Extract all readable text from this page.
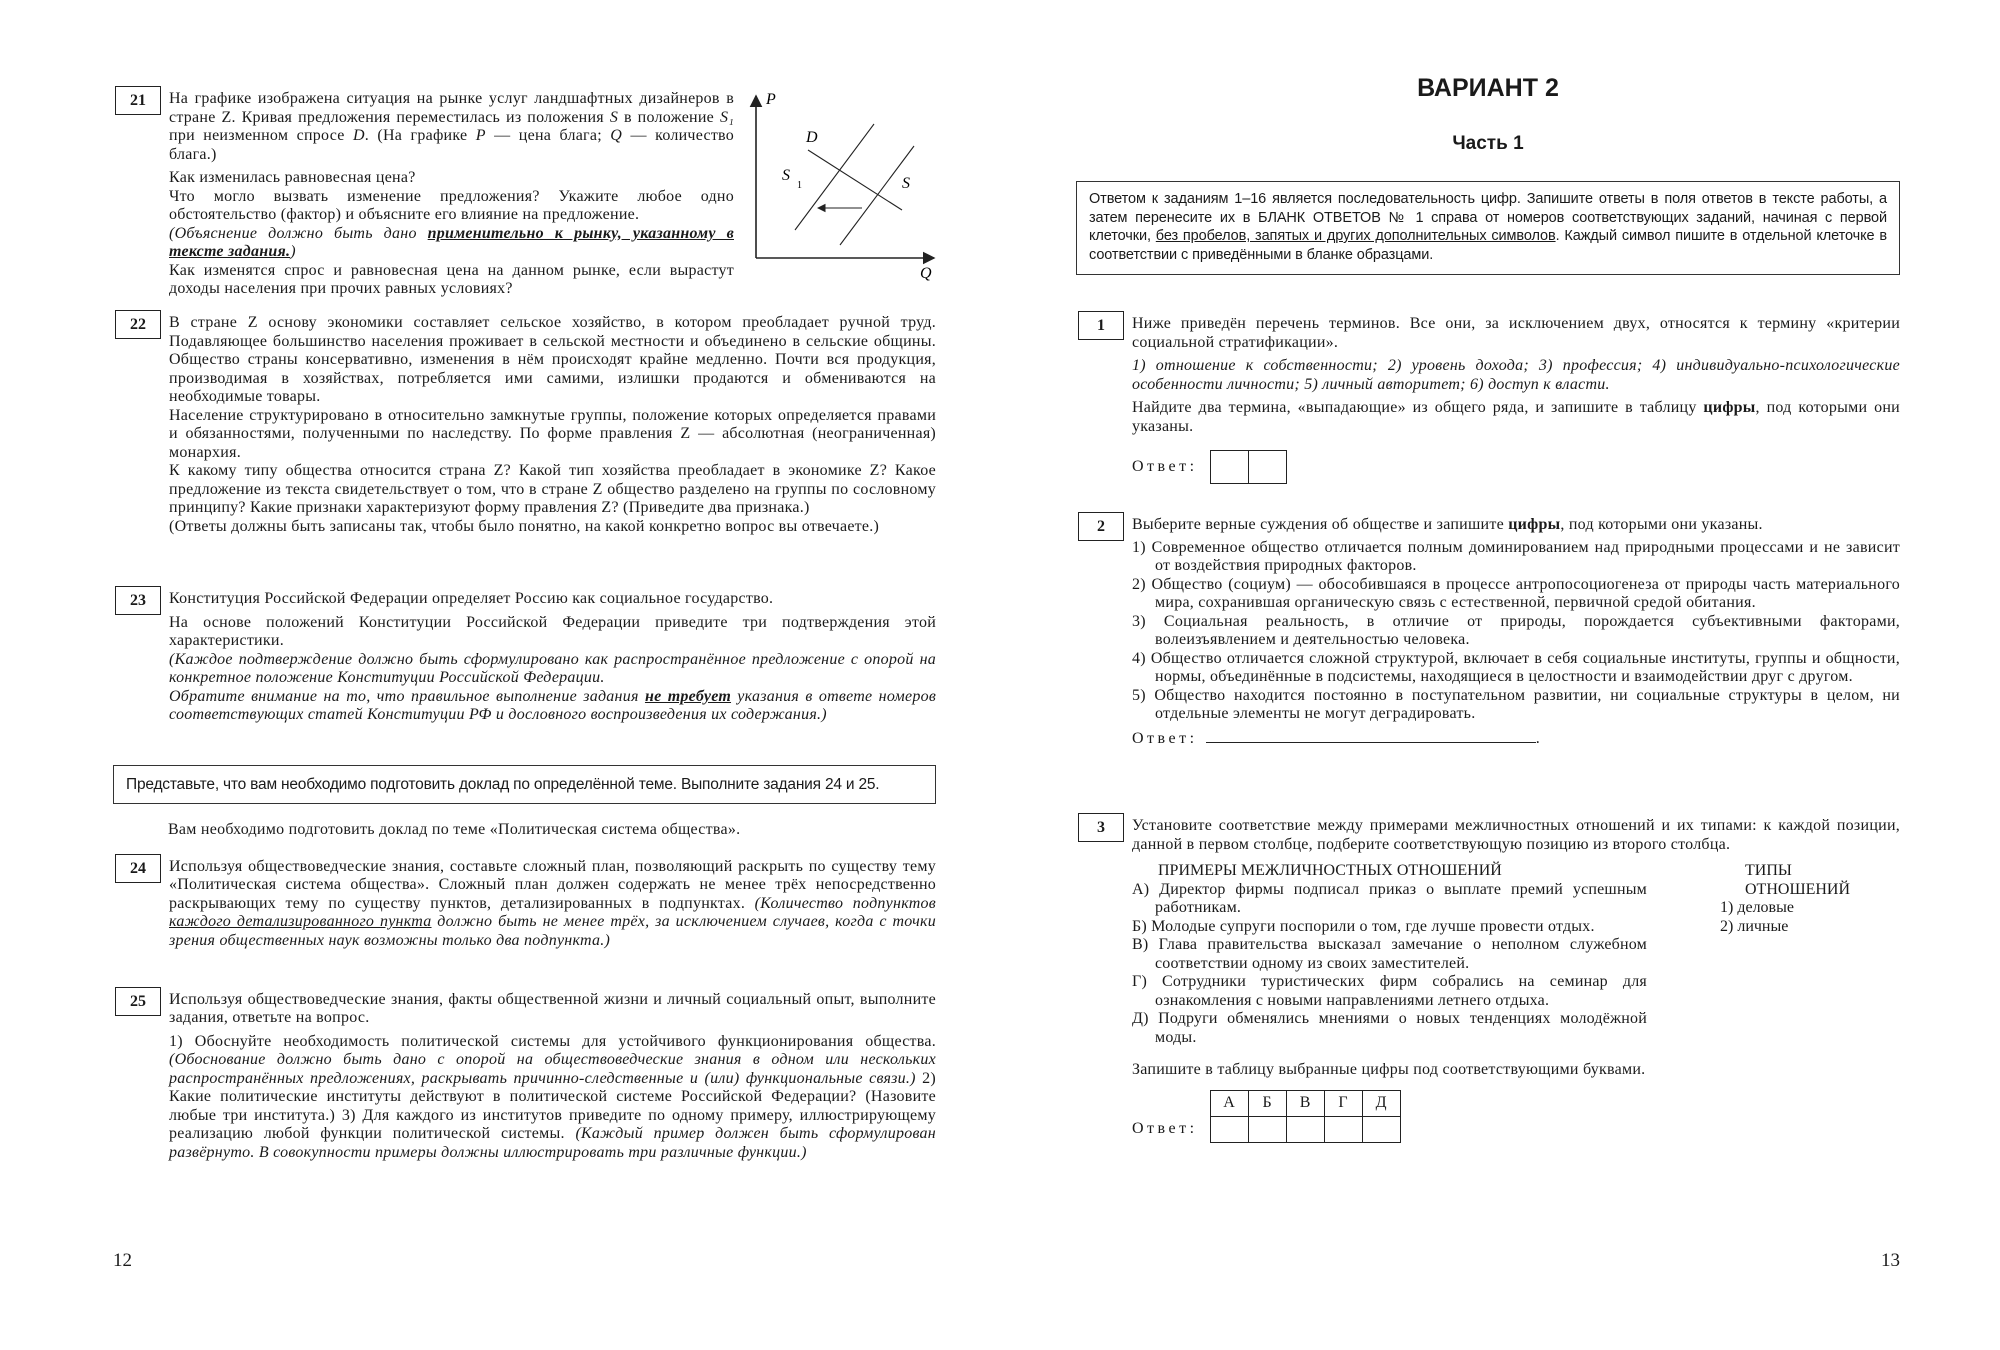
21	На графике изображена ситуация на рынке услуг ландшафтных дизайнеров в стране Z. Кривая предложения переместилась из положения S в положение S₁ при неизменном спросе D. (На графике P — цена блага; Q — количество блага.)

Как изменилась равновесная цена?

Что могло вызвать изменение предложения? Укажите любое одно обстоятельство (фактор) и объясните его влияние на предложение.

(Объяснение должно быть дано применительно к рынку, указанному в тексте задания.)

Как изменятся спрос и равновесная цена на данном рынке, если вырастут доходы населения при прочих равных условиях?

P
Q
D
S
S
1
22	В стране Z основу экономики составляет сельское хозяйство, в котором преобладает ручной труд. Подавляющее большинство населения проживает в сельской местности и объединено в сельские общины. Общество страны консервативно, изменения в нём происходят крайне медленно. Почти вся продукция, производимая в хозяйствах, потребляется ими самими, излишки продаются и обмениваются на необходимые товары.

Население структурировано в относительно замкнутые группы, положение которых определяется правами и обязанностями, полученными по наследству. По форме правления Z — абсолютная (неограниченная) монархия.

К какому типу общества относится страна Z? Какой тип хозяйства преобладает в экономике Z? Какое предложение из текста свидетельствует о том, что в стране Z общество разделено на группы по сословному принципу? Какие признаки характеризуют форму правления Z? (Приведите два признака.)

(Ответы должны быть записаны так, чтобы было понятно, на какой конкретно вопрос вы отвечаете.)

23	Конституция Российской Федерации определяет Россию как социальное государство.

На основе положений Конституции Российской Федерации приведите три подтверждения этой характеристики.

(Каждое подтверждение должно быть сформулировано как распространённое предложение с опорой на конкретное положение Конституции Российской Федерации.

Обратите внимание на то, что правильное выполнение задания не требует указания в ответе номеров соответствующих статей Конституции РФ и дословного воспроизведения их содержания.)

Представьте, что вам необходимо подготовить доклад по определённой теме. Выполните задания 24 и 25.
Вам необходимо подготовить доклад по теме «Политическая система общества».
24	Используя обществоведческие знания, составьте сложный план, позволяющий раскрыть по существу тему «Политическая система общества». Сложный план должен содержать не менее трёх непосредственно раскрывающих тему по существу пунктов, детализированных в подпунктах. (Количество подпунктов каждого детализированного пункта должно быть не менее трёх, за исключением случаев, когда с точки зрения общественных наук возможны только два подпункта.)

25	Используя обществоведческие знания, факты общественной жизни и личный социальный опыт, выполните задания, ответьте на вопрос.

1) Обоснуйте необходимость политической системы для устойчивого функционирования общества. (Обоснование должно быть дано с опорой на обществоведческие знания в одном или нескольких распространённых предложениях, раскрывать причинно-следственные и (или) функциональные связи.) 2) Какие политические институты действуют в политической системе Российской Федерации? (Назовите любые три института.) 3) Для каждого из институтов приведите по одному примеру, иллюстрирующему реализацию любой функции политической системы. (Каждый пример должен быть сформулирован развёрнуто. В совокупности примеры должны иллюстрировать три различные функции.)

12
ВАРИАНТ 2
Часть 1

Ответом к заданиям 1–16 является последовательность цифр. Запишите ответы в поля ответов в тексте работы, а затем перенесите их в БЛАНК ОТВЕТОВ № 1 справа от номеров соответствующих заданий, начиная с первой клеточки, без пробелов, запятых и других дополнительных символов. Каждый символ пишите в отдельной клеточке в соответствии с приведёнными в бланке образцами.

1	Ниже приведён перечень терминов. Все они, за исключением двух, относятся к термину «критерии социальной стратификации».

1) отношение к собственности; 2) уровень дохода; 3) профессия; 4) индивидуально-психологические особенности личности; 5) личный авторитет; 6) доступ к власти.

Найдите два термина, «выпадающие» из общего ряда, и запишите в таблицу цифры, под которыми они указаны.

Ответ:
2	Выберите верные суждения об обществе и запишите цифры, под которыми они указаны.

1) Современное общество отличается полным доминированием над природными процессами и не зависит от воздействия природных факторов.
2) Общество (социум) — обособившаяся в процессе антропосоциогенеза от природы часть материального мира, сохранившая органическую связь с естественной, первичной средой обитания.
3) Социальная реальность, в отличие от природы, порождается субъективными факторами, волеизъявлением и деятельностью человека.
4) Общество отличается сложной структурой, включает в себя социальные институты, группы и общности, нормы, объединённые в подсистемы, находящиеся в целостности и взаимодействии друг с другом.
5) Общество находится постоянно в поступательном развитии, ни социальные структуры в целом, ни отдельные элементы не могут деградировать.
Ответ:	.
3	Установите соответствие между примерами межличностных отношений и их типами: к каждой позиции, данной в первом столбце, подберите соответствующую позицию из второго столбца.

ПРИМЕРЫ МЕЖЛИЧНОСТНЫХ ОТНОШЕНИЙ
А) Директор фирмы подписал приказ о выплате премий успешным работникам.
Б) Молодые супруги поспорили о том, где лучше провести отдых.
В) Глава правительства высказал замечание о неполном служебном соответствии одному из своих заместителей.
Г) Сотрудники туристических фирм собрались на семинар для ознакомления с новыми направлениями летнего отдыха.
Д) Подруги обменялись мнениями о новых тенденциях молодёжной моды.
ТИПЫ ОТНОШЕНИЙ
1) деловые
2) личные
Запишите в таблицу выбранные цифры под соответствующими буквами.
Ответ:
А	Б	В	Г	Д
13
